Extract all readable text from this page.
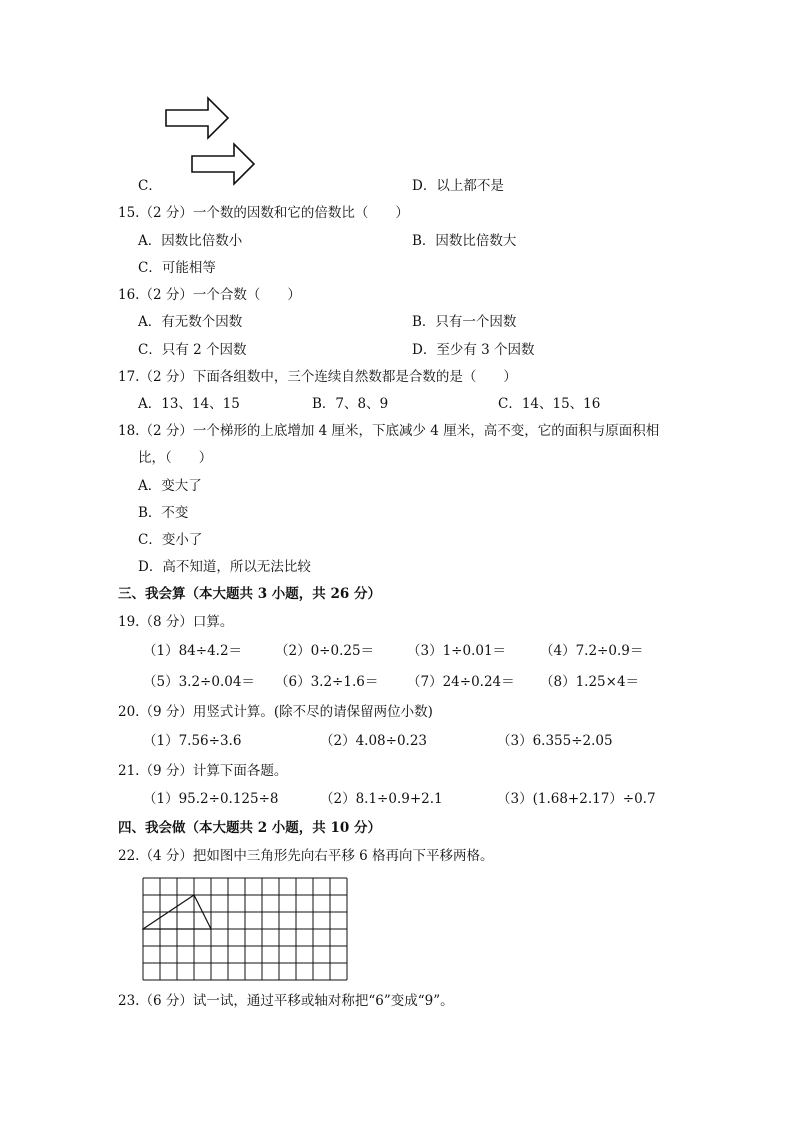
C．	D．以上都不是
15.（2 分）一个数的因数和它的倍数比（　　）
A．因数比倍数小	B．因数比倍数大
C．可能相等
16.（2 分）一个合数（　　）
A．有无数个因数	B．只有一个因数
C．只有 2 个因数	D．至少有 3 个因数
17.（2 分）下面各组数中，三个连续自然数都是合数的是（　　）
A．13、14、15	B．7、8、9	C．14、15、16
18.（2 分）一个梯形的上底增加 4 厘米，下底减少 4 厘米，高不变，它的面积与原面积相
比，（　　）
A．变大了
B．不变
C．变小了
D．高不知道，所以无法比较
三、我会算（本大题共 3 小题，共 26 分）
19.（8 分）口算。
（1）84÷4.2＝ （2）0÷0.25＝ （3）1÷0.01＝	（4）7.2÷0.9＝
（5）3.2÷0.04＝ （6）3.2÷1.6＝ （7）24÷0.24＝ （8）1.25×4＝
20.（9 分）用竖式计算。(除不尽的请保留两位小数)
（1）7.56÷3.6	（2）4.08÷0.23	（3）6.355÷2.05
21.（9 分）计算下面各题。
（1）95.2÷0.125÷8	（2）8.1÷0.9+2.1	（3）(1.68+2.17）÷0.7
四、我会做（本大题共 2 小题，共 10 分）
22.（4 分）把如图中三角形先向右平移 6 格再向下平移两格。
23.（6 分）试一试，通过平移或轴对称把“6”变成“9”。
